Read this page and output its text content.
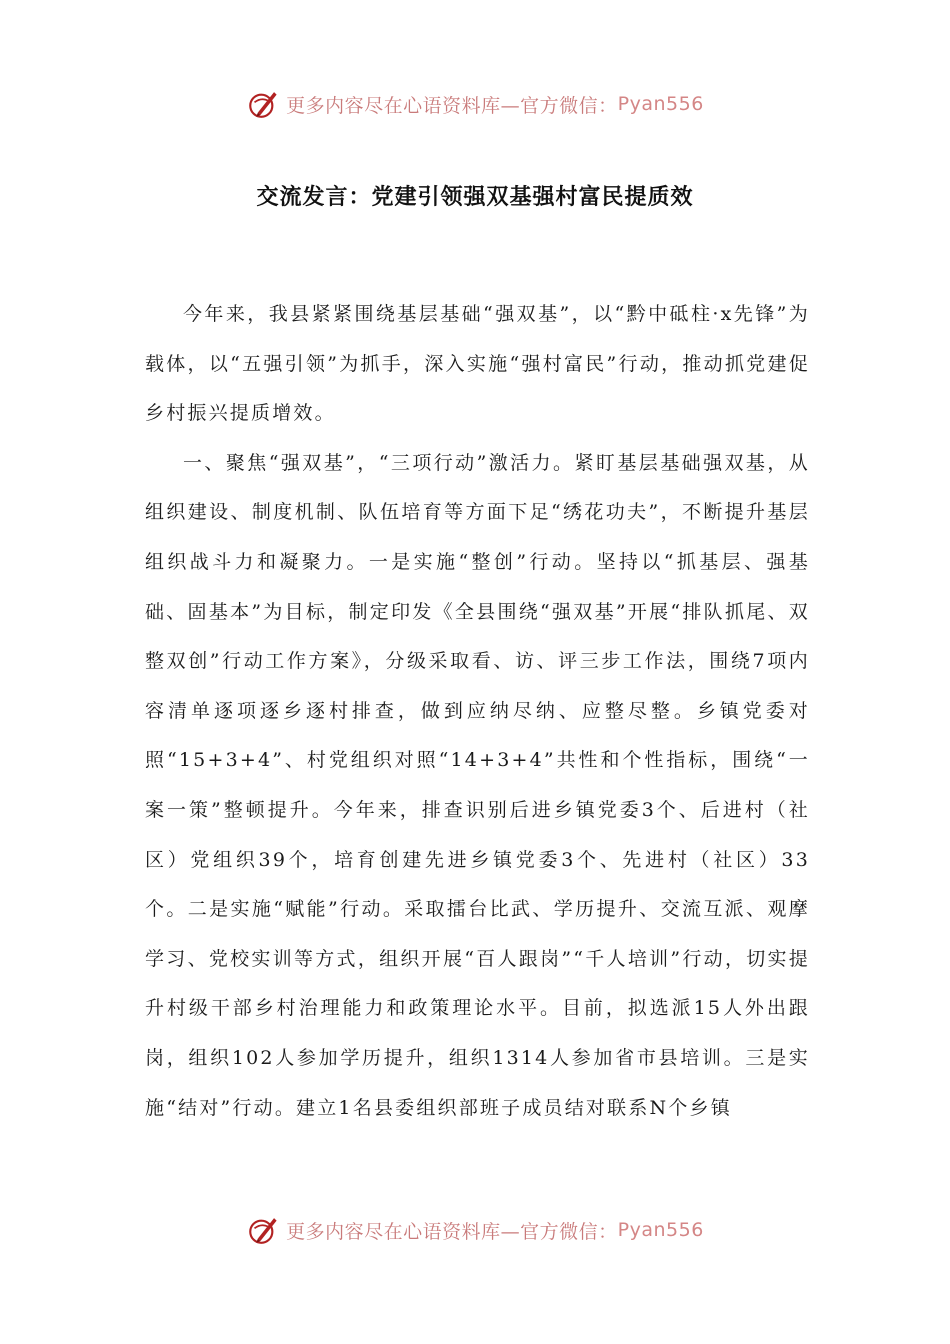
更多内容尽在心语资料库—官方微信： Pyan556
交流发言：党建引领强双基强村富民提质效

今年来，我县紧紧围绕基层基础“强双基”，以“黔中砥柱·x先锋”为载体，以“五强引领”为抓手，深入实施“强村富民”行动，推动抓党建促乡村振兴提质增效。

一、聚焦“强双基”，“三项行动”激活力。紧盯基层基础强双基，从组织建设、制度机制、队伍培育等方面下足“绣花功夫”，不断提升基层组织战斗力和凝聚力。一是实施“整创”行动。坚持以“抓基层、强基础、固基本”为目标，制定印发《全县围绕“强双基”开展“排队抓尾、双整双创”行动工作方案》，分级采取看、访、评三步工作法，围绕7项内容清单逐项逐乡逐村排查，做到应纳尽纳、应整尽整。乡镇党委对照“15+3+4”、村党组织对照“14+3+4”共性和个性指标，围绕“一案一策”整顿提升。今年来，排查识别后进乡镇党委3个、后进村（社区）党组织39个，培育创建先进乡镇党委3个、先进村（社区）33个。二是实施“赋能”行动。采取擂台比武、学历提升、交流互派、观摩学习、党校实训等方式，组织开展“百人跟岗”“千人培训”行动，切实提升村级干部乡村治理能力和政策理论水平。目前，拟选派15人外出跟岗，组织102人参加学历提升，组织1314人参加省市县培训。三是实施“结对”行动。建立1名县委组织部班子成员结对联系N个乡镇

更多内容尽在心语资料库—官方微信： Pyan556
